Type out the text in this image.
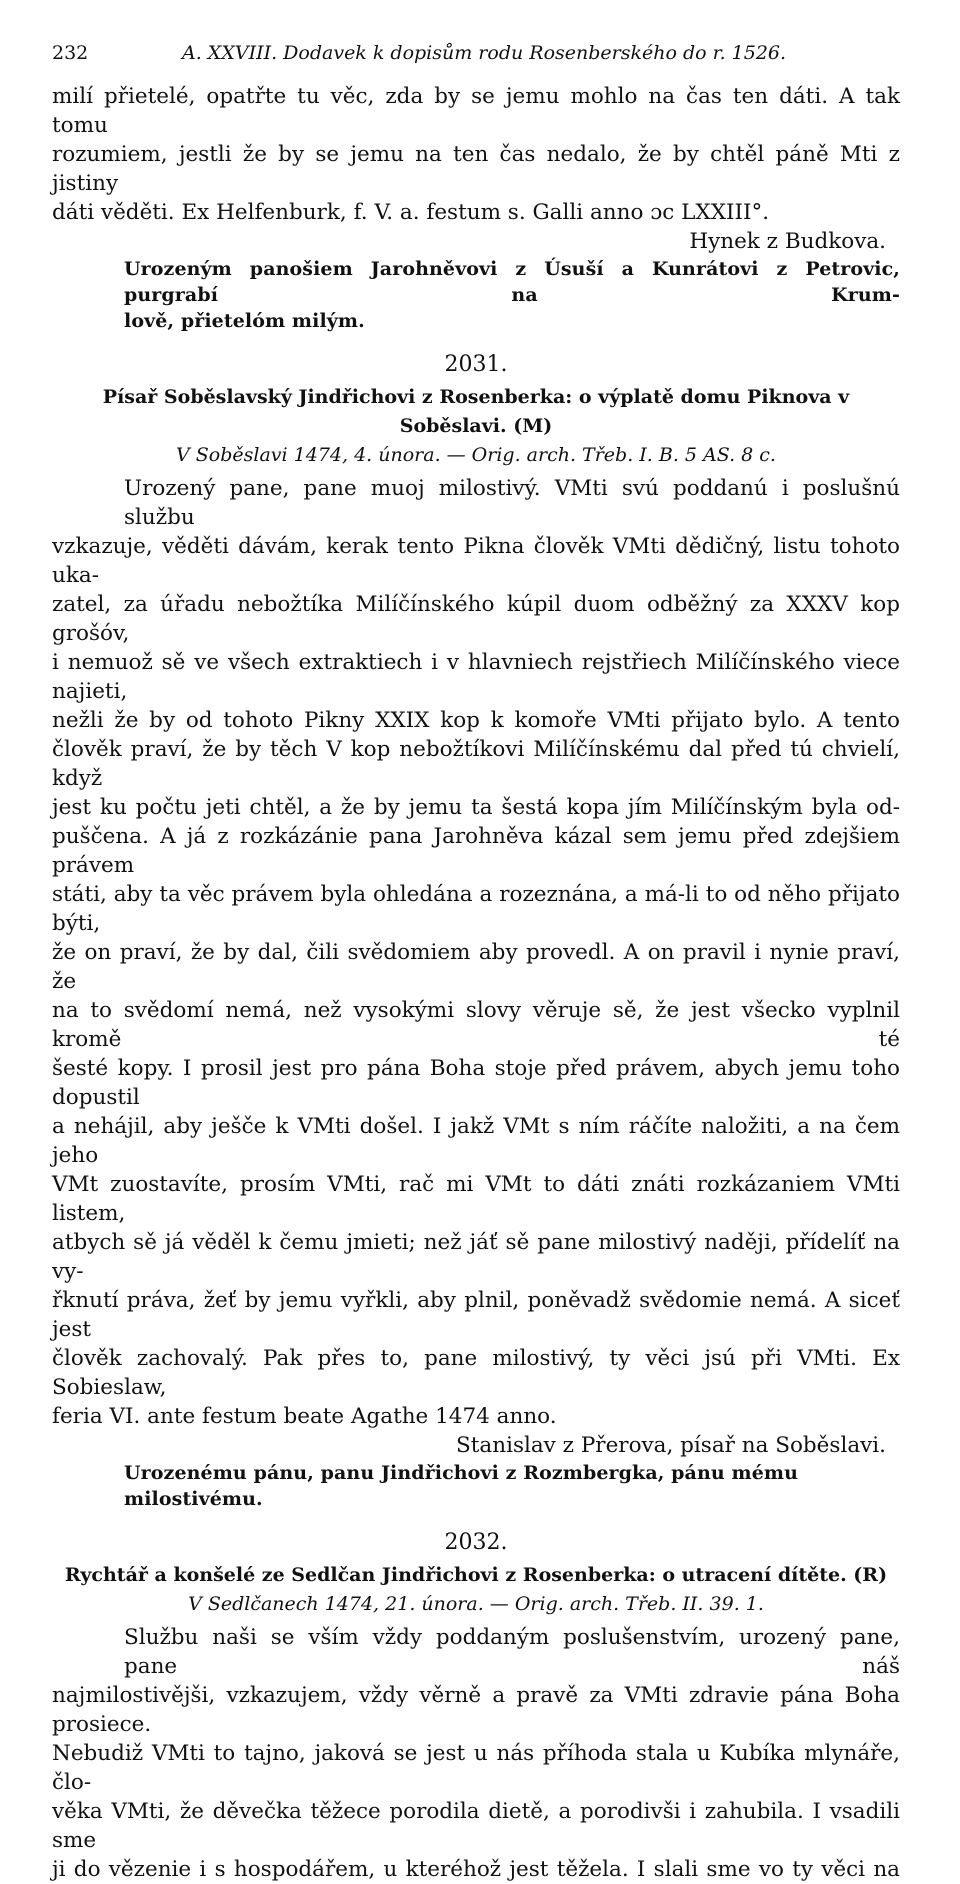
232	A. XXVIII. Dodavek k dopisům rodu Rosenberského do r. 1526.
milí přietelé, opatřte tu věc, zda by se jemu mohlo na čas ten dáti. A tak tomu
rozumiem, jestli že by se jemu na ten čas nedalo, že by chtěl páně Mti z jistiny
dáti věděti. Ex Helfenburk, f. V. a. festum s. Galli anno ɔc LXXIII°.
Hynek z Budkova.
Urozeným panošiem Jarohněvovi z Úsuší a Kunrátovi z Petrovic, purgrabí na Krum-
lově, přietelóm milým.
2031.
Písař Soběslavský Jindřichovi z Rosenberka: o výplatě domu Piknova v Soběslavi. (M)
V Soběslavi 1474, 4. února. — Orig. arch. Třeb. I. B. 5 AS. 8 c.
Urozený pane, pane muoj milostivý. VMti svú poddanú i poslušnú službu
vzkazuje, věděti dávám, kerak tento Pikna člověk VMti dědičný, listu tohoto uka-
zatel, za úřadu nebožtíka Milíčínského kúpil duom odběžný za XXXV kop grošóv,
i nemuož sě ve všech extraktiech i v hlavniech rejstřiech Milíčínského viece najieti,
nežli že by od tohoto Pikny XXIX kop k komoře VMti přijato bylo. A tento
člověk praví, že by těch V kop nebožtíkovi Milíčínskému dal před tú chvielí, když
jest ku počtu jeti chtěl, a že by jemu ta šestá kopa jím Milíčínským byla od-
puščena. A já z rozkázánie pana Jarohněva kázal sem jemu před zdejšiem právem
státi, aby ta věc právem byla ohledána a rozeznána, a má-li to od něho přijato býti,
že on praví, že by dal, čili svědomiem aby provedl. A on pravil i nynie praví, že
na to svědomí nemá, než vysokými slovy věruje sě, že jest všecko vyplnil kromě té
šesté kopy. I prosil jest pro pána Boha stoje před právem, abych jemu toho dopustil
a nehájil, aby ješče k VMti došel. I jakž VMt s ním ráčíte naložiti, a na čem jeho
VMt zuostavíte, prosím VMti, rač mi VMt to dáti znáti rozkázaniem VMti listem,
atbych sě já věděl k čemu jmieti; než jáť sě pane milostivý naději, přídelíť na vy-
řknutí práva, žeť by jemu vyřkli, aby plnil, poněvadž svědomie nemá. A siceť jest
člověk zachovalý. Pak přes to, pane milostivý, ty věci jsú při VMti. Ex Sobieslaw,
feria VI. ante festum beate Agathe 1474 anno.
Stanislav z Přerova, písař na Soběslavi.
Urozenému pánu, panu Jindřichovi z Rozmbergka, pánu mému milostivému.
2032.
Rychtář a konšelé ze Sedlčan Jindřichovi z Rosenberka: o utracení dítěte. (R)
V Sedlčanech 1474, 21. února. — Orig. arch. Třeb. II. 39. 1.
Službu naši se vším vždy poddaným poslušenstvím, urozený pane, pane náš
najmilostivějši, vzkazujem, vždy věrně a pravě za VMti zdravie pána Boha prosiece.
Nebudiž VMti to tajno, jaková se jest u nás příhoda stala u Kubíka mlynáře, člo-
věka VMti, že děvečka těžece porodila dietě, a porodivši i zahubila. I vsadili sme
ji do vězenie i s hospodářem, u kteréhož jest těžela. I slali sme vo ty věci na
